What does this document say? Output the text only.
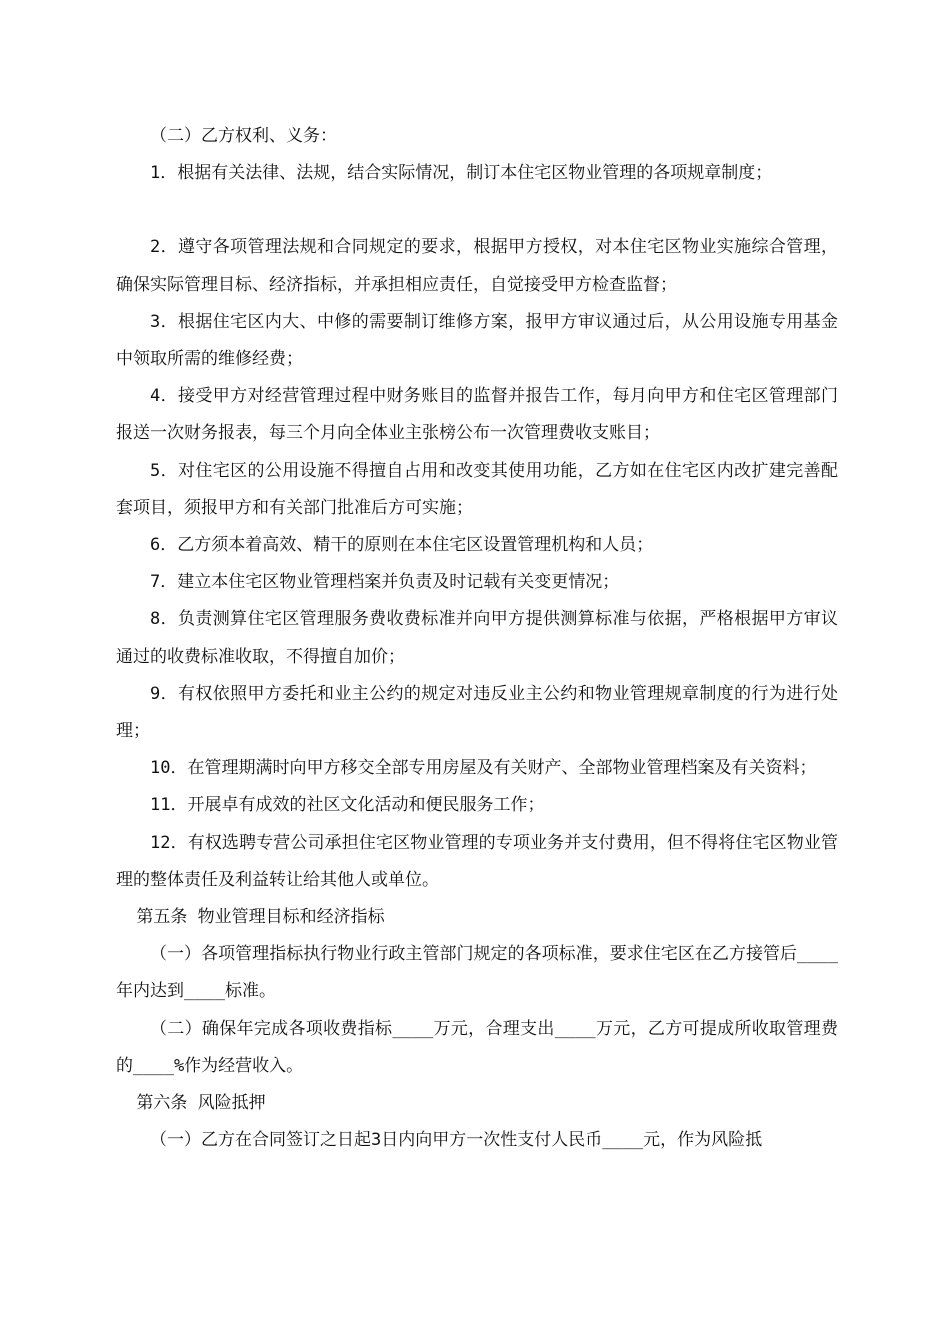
（二）乙方权利、义务：

1．根据有关法律、法规，结合实际情况，制订本住宅区物业管理的各项规章制度；

2．遵守各项管理法规和合同规定的要求，根据甲方授权，对本住宅区物业实施综合管理，确保实际管理目标、经济指标，并承担相应责任，自觉接受甲方检查监督；

3．根据住宅区内大、中修的需要制订维修方案，报甲方审议通过后，从公用设施专用基金中领取所需的维修经费；

4．接受甲方对经营管理过程中财务账目的监督并报告工作，每月向甲方和住宅区管理部门报送一次财务报表，每三个月向全体业主张榜公布一次管理费收支账目；

5．对住宅区的公用设施不得擅自占用和改变其使用功能，乙方如在住宅区内改扩建完善配套项目，须报甲方和有关部门批准后方可实施；

6．乙方须本着高效、精干的原则在本住宅区设置管理机构和人员；

7．建立本住宅区物业管理档案并负责及时记载有关变更情况；

8．负责测算住宅区管理服务费收费标准并向甲方提供测算标准与依据，严格根据甲方审议通过的收费标准收取，不得擅自加价；

9．有权依照甲方委托和业主公约的规定对违反业主公约和物业管理规章制度的行为进行处理；

10．在管理期满时向甲方移交全部专用房屋及有关财产、全部物业管理档案及有关资料；

11．开展卓有成效的社区文化活动和便民服务工作；

12．有权选聘专营公司承担住宅区物业管理的专项业务并支付费用，但不得将住宅区物业管理的整体责任及利益转让给其他人或单位。

第五条 物业管理目标和经济指标

（一）各项管理指标执行物业行政主管部门规定的各项标准，要求住宅区在乙方接管后____年内达到____标准。

（二）确保年完成各项收费指标____万元，合理支出____万元，乙方可提成所收取管理费的____%作为经营收入。

第六条 风险抵押

（一）乙方在合同签订之日起3日内向甲方一次性支付人民币____元，作为风险抵
